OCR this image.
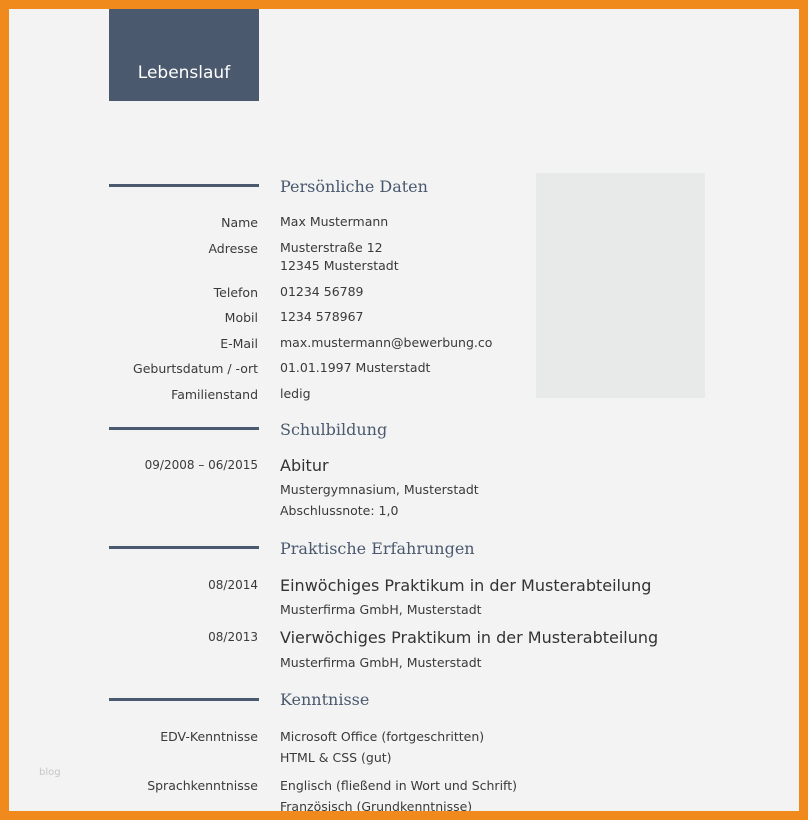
Lebenslauf
Persönliche Daten
Name Max Mustermann
Adresse Musterstraße 12
12345 Musterstadt
Telefon 01234 56789
Mobil 1234 578967
E-Mail max.mustermann@bewerbung.co
Geburtsdatum / -ort 01.01.1997 Musterstadt
Familienstand ledig
Schulbildung
09/2008 – 06/2015 Abitur
Mustergymnasium, Musterstadt
Abschlussnote: 1,0
Praktische Erfahrungen
08/2014 Einwöchiges Praktikum in der Musterabteilung
Musterfirma GmbH, Musterstadt
08/2013 Vierwöchiges Praktikum in der Musterabteilung
Musterfirma GmbH, Musterstadt
Kenntnisse
EDV-Kenntnisse Microsoft Office (fortgeschritten)
HTML & CSS (gut)
Sprachkenntnisse Englisch (fließend in Wort und Schrift)
Französisch (Grundkenntnisse)
blog
